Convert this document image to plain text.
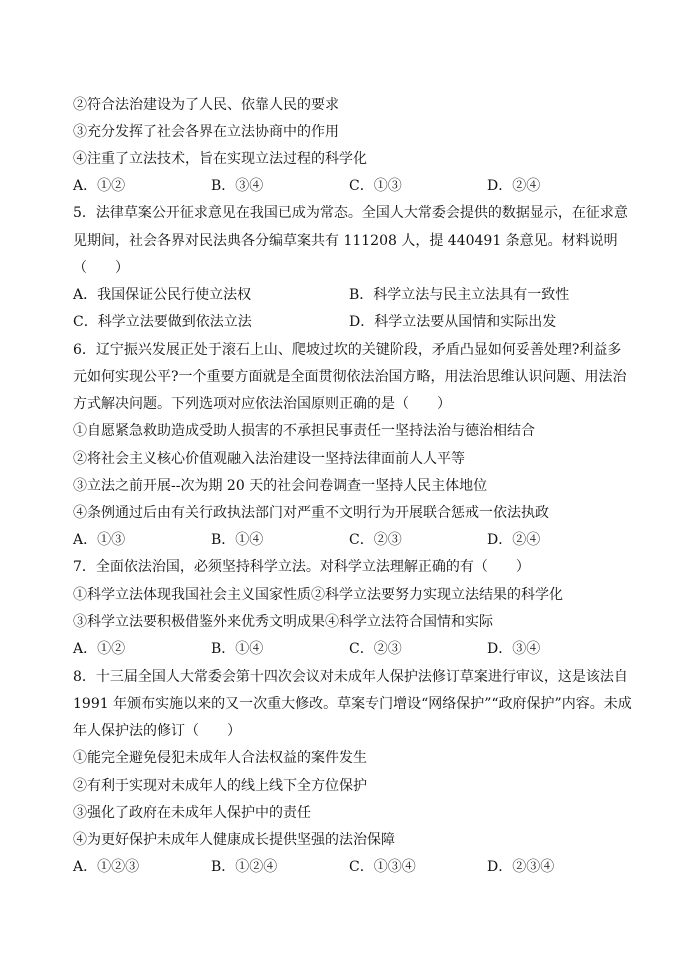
②符合法治建设为了人民、依靠人民的要求
③充分发挥了社会各界在立法协商中的作用
④注重了立法技术，旨在实现立法过程的科学化
A．①②	B．③④	C．①③	D．②④
5．法律草案公开征求意见在我国已成为常态。全国人大常委会提供的数据显示，在征求意
见期间，社会各界对民法典各分编草案共有 111208 人，提 440491 条意见。材料说明
（　　）
A．我国保证公民行使立法权	B．科学立法与民主立法具有一致性
C．科学立法要做到依法立法	D．科学立法要从国情和实际出发
6．辽宁振兴发展正处于滚石上山、爬坡过坎的关键阶段，矛盾凸显如何妥善处理?利益多
元如何实现公平?一个重要方面就是全面贯彻依法治国方略，用法治思维认识问题、用法治
方式解决问题。下列选项对应依法治国原则正确的是（　　）
①自愿紧急救助造成受助人损害的不承担民事责任一坚持法治与德治相结合
②将社会主义核心价值观融入法治建设一坚持法律面前人人平等
③立法之前开展--次为期 20 天的社会问卷调查一坚持人民主体地位
④条例通过后由有关行政执法部门对严重不文明行为开展联合惩戒一依法执政
A．①③	B．①④	C．②③	D．②④
7．全面依法治国，必须坚持科学立法。对科学立法理解正确的有（　　）
①科学立法体现我国社会主义国家性质②科学立法要努力实现立法结果的科学化
③科学立法要积极借鉴外来优秀文明成果④科学立法符合国情和实际
A．①②	B．①④	C．②③	D．③④
8．十三届全国人大常委会第十四次会议对未成年人保护法修订草案进行审议，这是该法自
1991 年颁布实施以来的又一次重大修改。草案专门增设“网络保护”“政府保护”内容。未成
年人保护法的修订（　　）
①能完全避免侵犯未成年人合法权益的案件发生
②有利于实现对未成年人的线上线下全方位保护
③强化了政府在未成年人保护中的责任
④为更好保护未成年人健康成长提供坚强的法治保障
A．①②③	B．①②④	C．①③④	D．②③④
